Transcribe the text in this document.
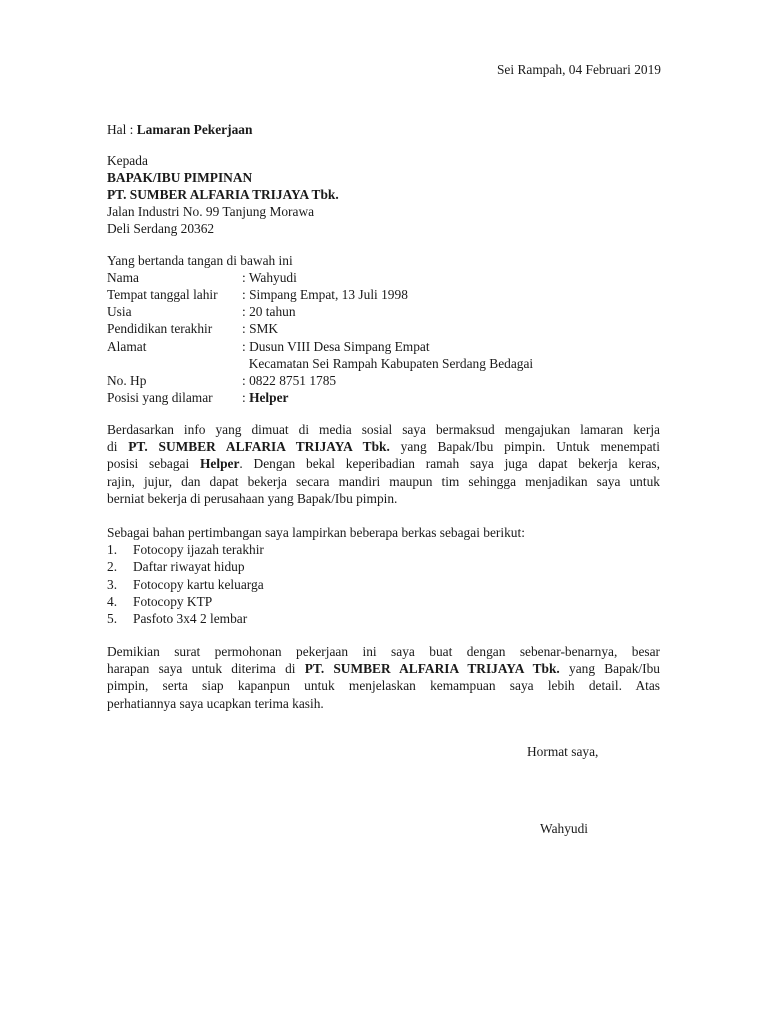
Sei Rampah, 04 Februari 2019
Hal : Lamaran Pekerjaan
Kepada
BAPAK/IBU PIMPINAN
PT. SUMBER ALFARIA TRIJAYA Tbk.
Jalan Industri No. 99 Tanjung Morawa
Deli Serdang 20362
Yang bertanda tangan di bawah ini
Nama	: Wahyudi
Tempat tanggal lahir : Simpang Empat, 13 Juli 1998
Usia	: 20 tahun
Pendidikan terakhir : SMK
Alamat	: Dusun VIII Desa Simpang Empat
Kecamatan Sei Rampah Kabupaten Serdang Bedagai
No. Hp	: 0822 8751 1785
Posisi yang dilamar : Helper
Berdasarkan info yang dimuat di media sosial saya bermaksud mengajukan lamaran kerja
di PT. SUMBER ALFARIA TRIJAYA Tbk. yang Bapak/Ibu pimpin. Untuk menempati
posisi sebagai Helper. Dengan bekal keperibadian ramah saya juga dapat bekerja keras,
rajin, jujur, dan dapat bekerja secara mandiri maupun tim sehingga menjadikan saya untuk
berniat bekerja di perusahaan yang Bapak/Ibu pimpin.
Sebagai bahan pertimbangan saya lampirkan beberapa berkas sebagai berikut:
1. Fotocopy ijazah terakhir
2. Daftar riwayat hidup
3. Fotocopy kartu keluarga
4. Fotocopy KTP
5. Pasfoto 3x4 2 lembar
Demikian surat permohonan pekerjaan ini saya buat dengan sebenar-benarnya, besar
harapan saya untuk diterima di PT. SUMBER ALFARIA TRIJAYA Tbk. yang Bapak/Ibu
pimpin, serta siap kapanpun untuk menjelaskan kemampuan saya lebih detail. Atas
perhatiannya saya ucapkan terima kasih.
Hormat saya,
Wahyudi
